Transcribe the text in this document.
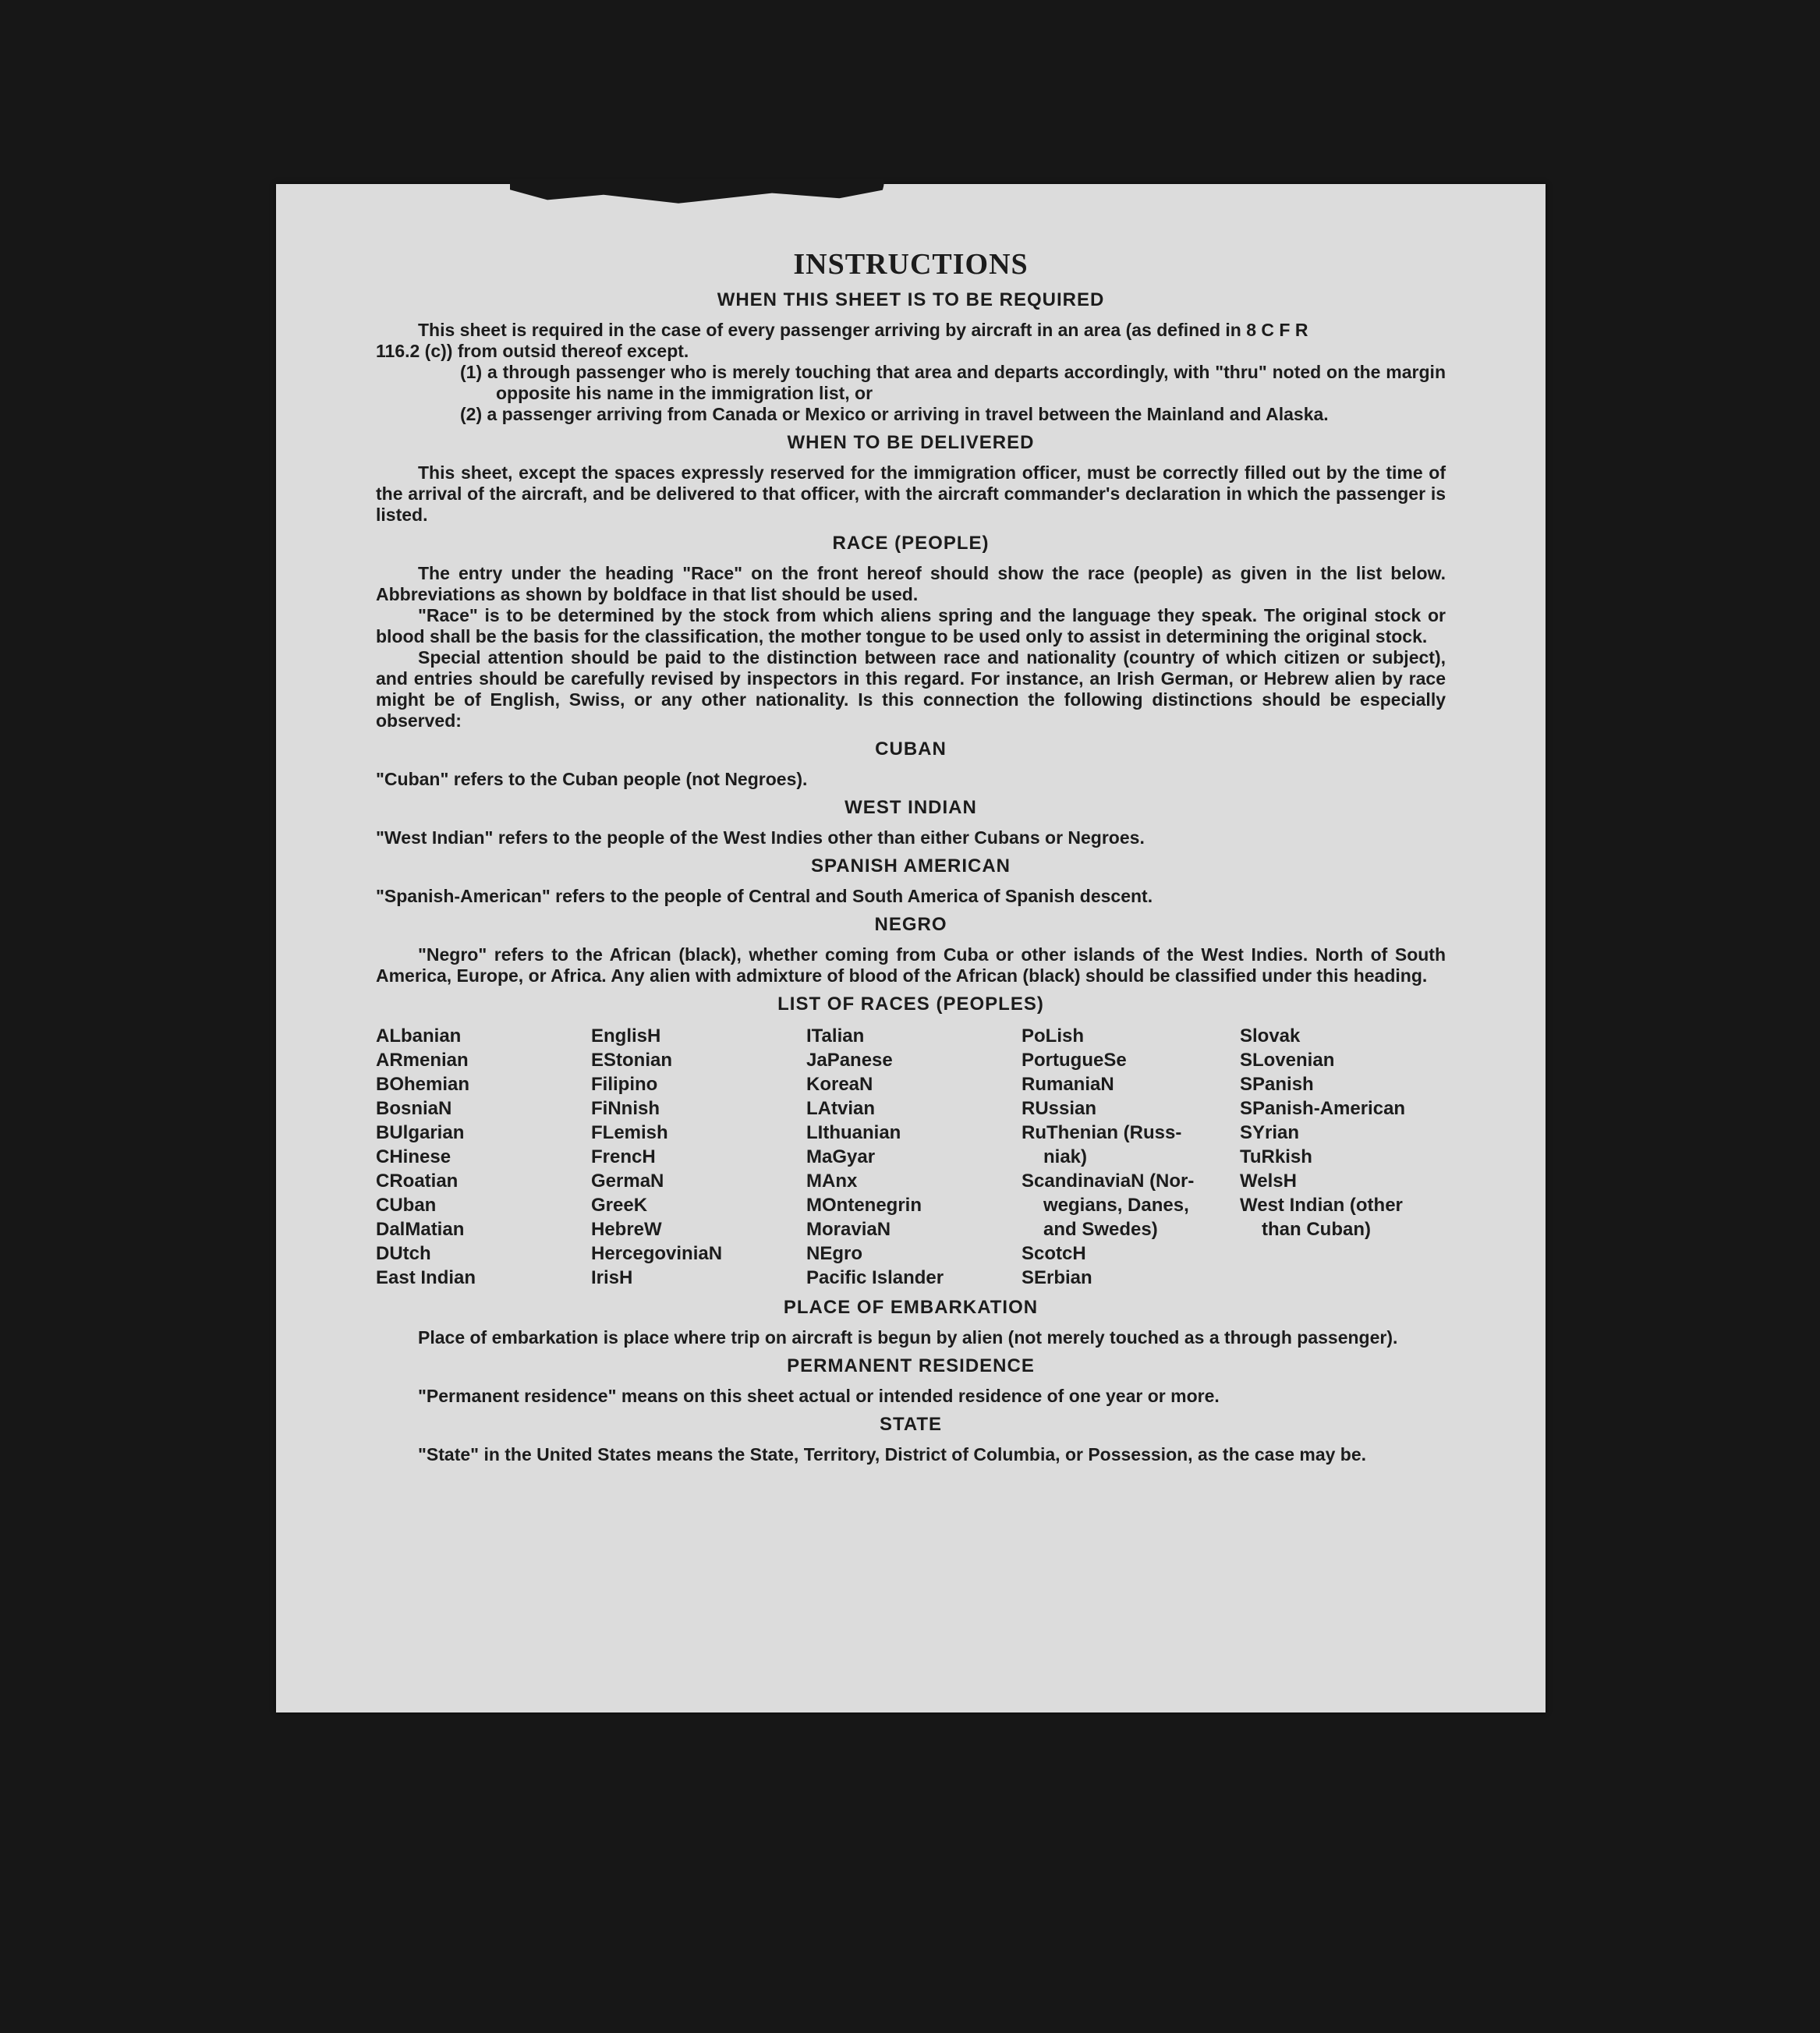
INSTRUCTIONS
WHEN THIS SHEET IS TO BE REQUIRED

This sheet is required in the case of every passenger arriving by aircraft in an area (as defined in 8 C F R

116.2 (c)) from outsid thereof except.

(1) a through passenger who is merely touching that area and departs accordingly, with "thru" noted on the margin opposite his name in the immigration list, or

(2) a passenger arriving from Canada or Mexico or arriving in travel between the Mainland and Alaska.

WHEN TO BE DELIVERED

This sheet, except the spaces expressly reserved for the immigration officer, must be correctly filled out by the time of the arrival of the aircraft, and be delivered to that officer, with the aircraft commander's declaration in which the passenger is listed.

RACE (PEOPLE)

The entry under the heading "Race" on the front hereof should show the race (people) as given in the list below. Abbreviations as shown by boldface in that list should be used.

"Race" is to be determined by the stock from which aliens spring and the language they speak. The original stock or blood shall be the basis for the classification, the mother tongue to be used only to assist in determining the original stock.

Special attention should be paid to the distinction between race and nationality (country of which citizen or subject), and entries should be carefully revised by inspectors in this regard. For instance, an Irish German, or Hebrew alien by race might be of English, Swiss, or any other nationality. Is this connection the following distinctions should be especially observed:

CUBAN

"Cuban" refers to the Cuban people (not Negroes).

WEST INDIAN

"West Indian" refers to the people of the West Indies other than either Cubans or Negroes.

SPANISH AMERICAN

"Spanish-American" refers to the people of Central and South America of Spanish descent.

NEGRO

"Negro" refers to the African (black), whether coming from Cuba or other islands of the West Indies. North of South America, Europe, or Africa. Any alien with admixture of blood of the African (black) should be classified under this heading.

LIST OF RACES (PEOPLES)
ALbanian
ARmenian
BOhemian
BosniaN
BUlgarian
CHinese
CRoatian
CUban
DalMatian
DUtch
East Indian
EnglisH
EStonian
Filipino
FiNnish
FLemish
FrencH
GermaN
GreeK
HebreW
HercegoviniaN
IrisH
ITalian
JaPanese
KoreaN
LAtvian
LIthuanian
MaGyar
MAnx
MOntenegrin
MoraviaN
NEgro
Pacific Islander
PoLish
PortugueSe
RumaniaN
RUssian
RuThenian (Russ-
niak)
ScandinaviaN (Nor-
wegians, Danes,
and Swedes)
ScotcH
SErbian
Slovak
SLovenian
SPanish
SPanish-American
SYrian
TuRkish
WelsH
West Indian (other
than Cuban)
PLACE OF EMBARKATION

Place of embarkation is place where trip on aircraft is begun by alien (not merely touched as a through passenger).

PERMANENT RESIDENCE

"Permanent residence" means on this sheet actual or intended residence of one year or more.

STATE

"State" in the United States means the State, Territory, District of Columbia, or Possession, as the case may be.
